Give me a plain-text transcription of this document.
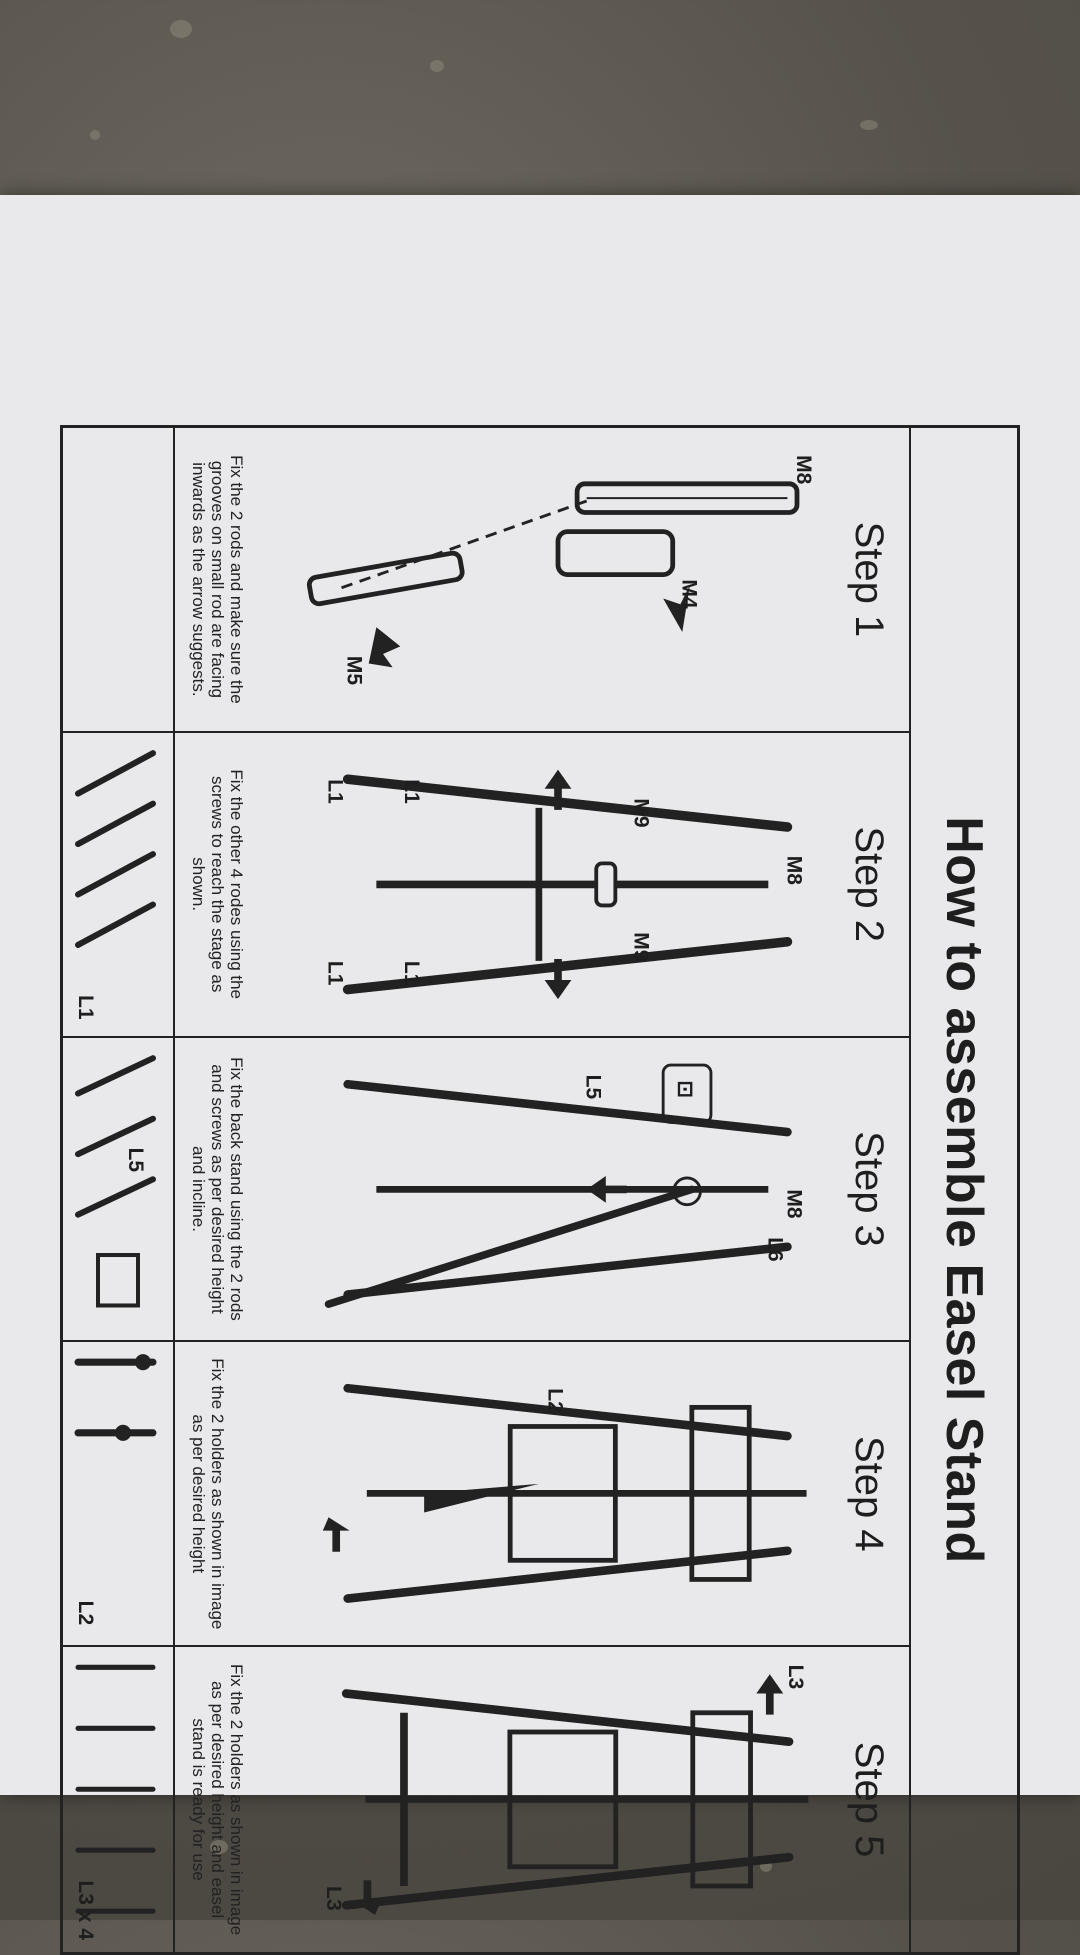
How to assemble Easel Stand
Step 1
M8
M4
M5
Fix the 2 rods and make sure the grooves on small rod are facing inwards as the arrow suggests.
Step 2
M8
M9
M9
L1
L1
L1
L1
Fix the other 4 rodes using the screws to reach the stage as shown.
Step 3
⊡
M8
L6
L5
Fix the back stand using the 2 rods and screws as per desired height and incline.
Step 4
L2
Fix the 2 holders as shown in image as per desired height
Step 5
L3
L3
Fix the 2 holders as shown in image as per desired height and easel stand is ready for use
L1
L5
L2
L3 x 4
